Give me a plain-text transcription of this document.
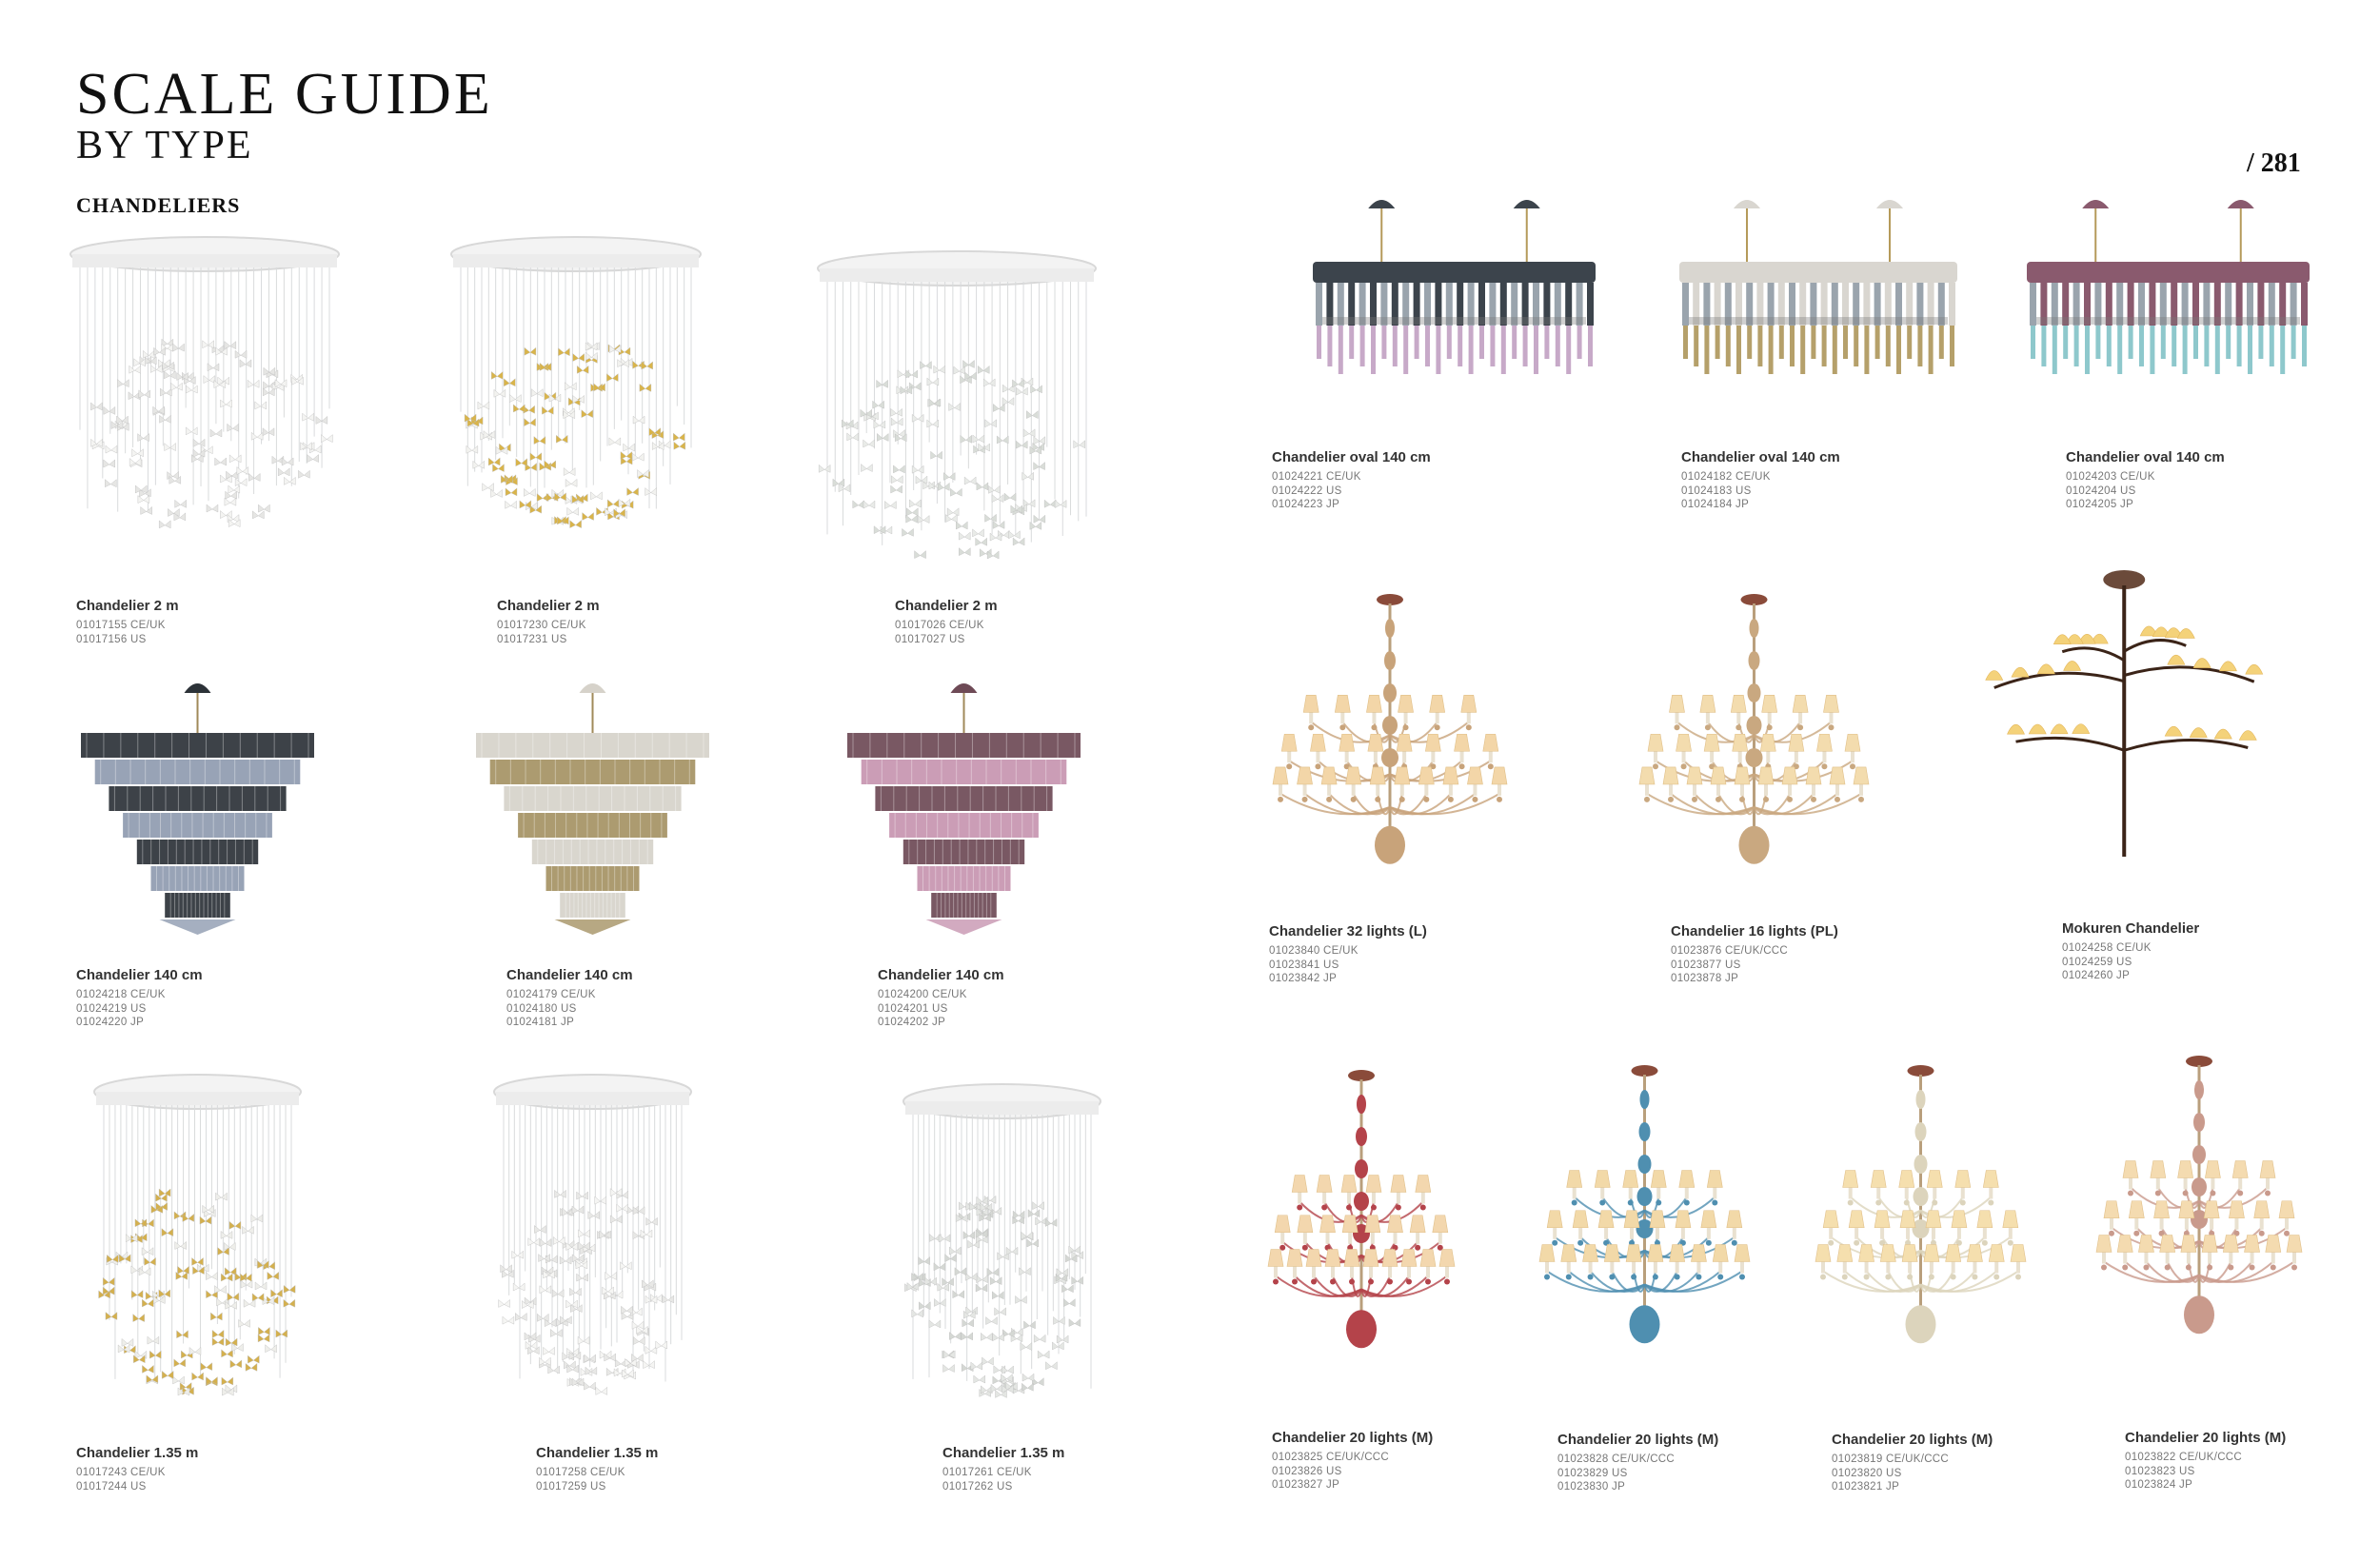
SCALE GUIDE
BY TYPE
CHANDELIERS
/ 281
Chandelier 2 m
01017155 CE/UK
01017156 US
Chandelier 2 m
01017230 CE/UK
01017231 US
Chandelier 2 m
01017026 CE/UK
01017027 US
Chandelier oval 140 cm
01024221 CE/UK
01024222 US
01024223 JP
Chandelier oval 140 cm
01024182 CE/UK
01024183 US
01024184 JP
Chandelier oval 140 cm
01024203 CE/UK
01024204 US
01024205 JP
Chandelier 140 cm
01024218 CE/UK
01024219 US
01024220 JP
Chandelier 140 cm
01024179 CE/UK
01024180 US
01024181 JP
Chandelier 140 cm
01024200 CE/UK
01024201 US
01024202 JP
Chandelier 32 lights (L)
01023840 CE/UK
01023841 US
01023842 JP
Chandelier 16 lights (PL)
01023876 CE/UK/CCC
01023877 US
01023878 JP
Mokuren Chandelier
01024258 CE/UK
01024259 US
01024260 JP
Chandelier 1.35 m
01017243 CE/UK
01017244 US
Chandelier 1.35 m
01017258 CE/UK
01017259 US
Chandelier 1.35 m
01017261 CE/UK
01017262 US
Chandelier 20 lights (M)
01023825 CE/UK/CCC
01023826 US
01023827 JP
Chandelier 20 lights (M)
01023828 CE/UK/CCC
01023829 US
01023830 JP
Chandelier 20 lights (M)
01023819 CE/UK/CCC
01023820 US
01023821 JP
Chandelier 20 lights (M)
01023822 CE/UK/CCC
01023823 US
01023824 JP
